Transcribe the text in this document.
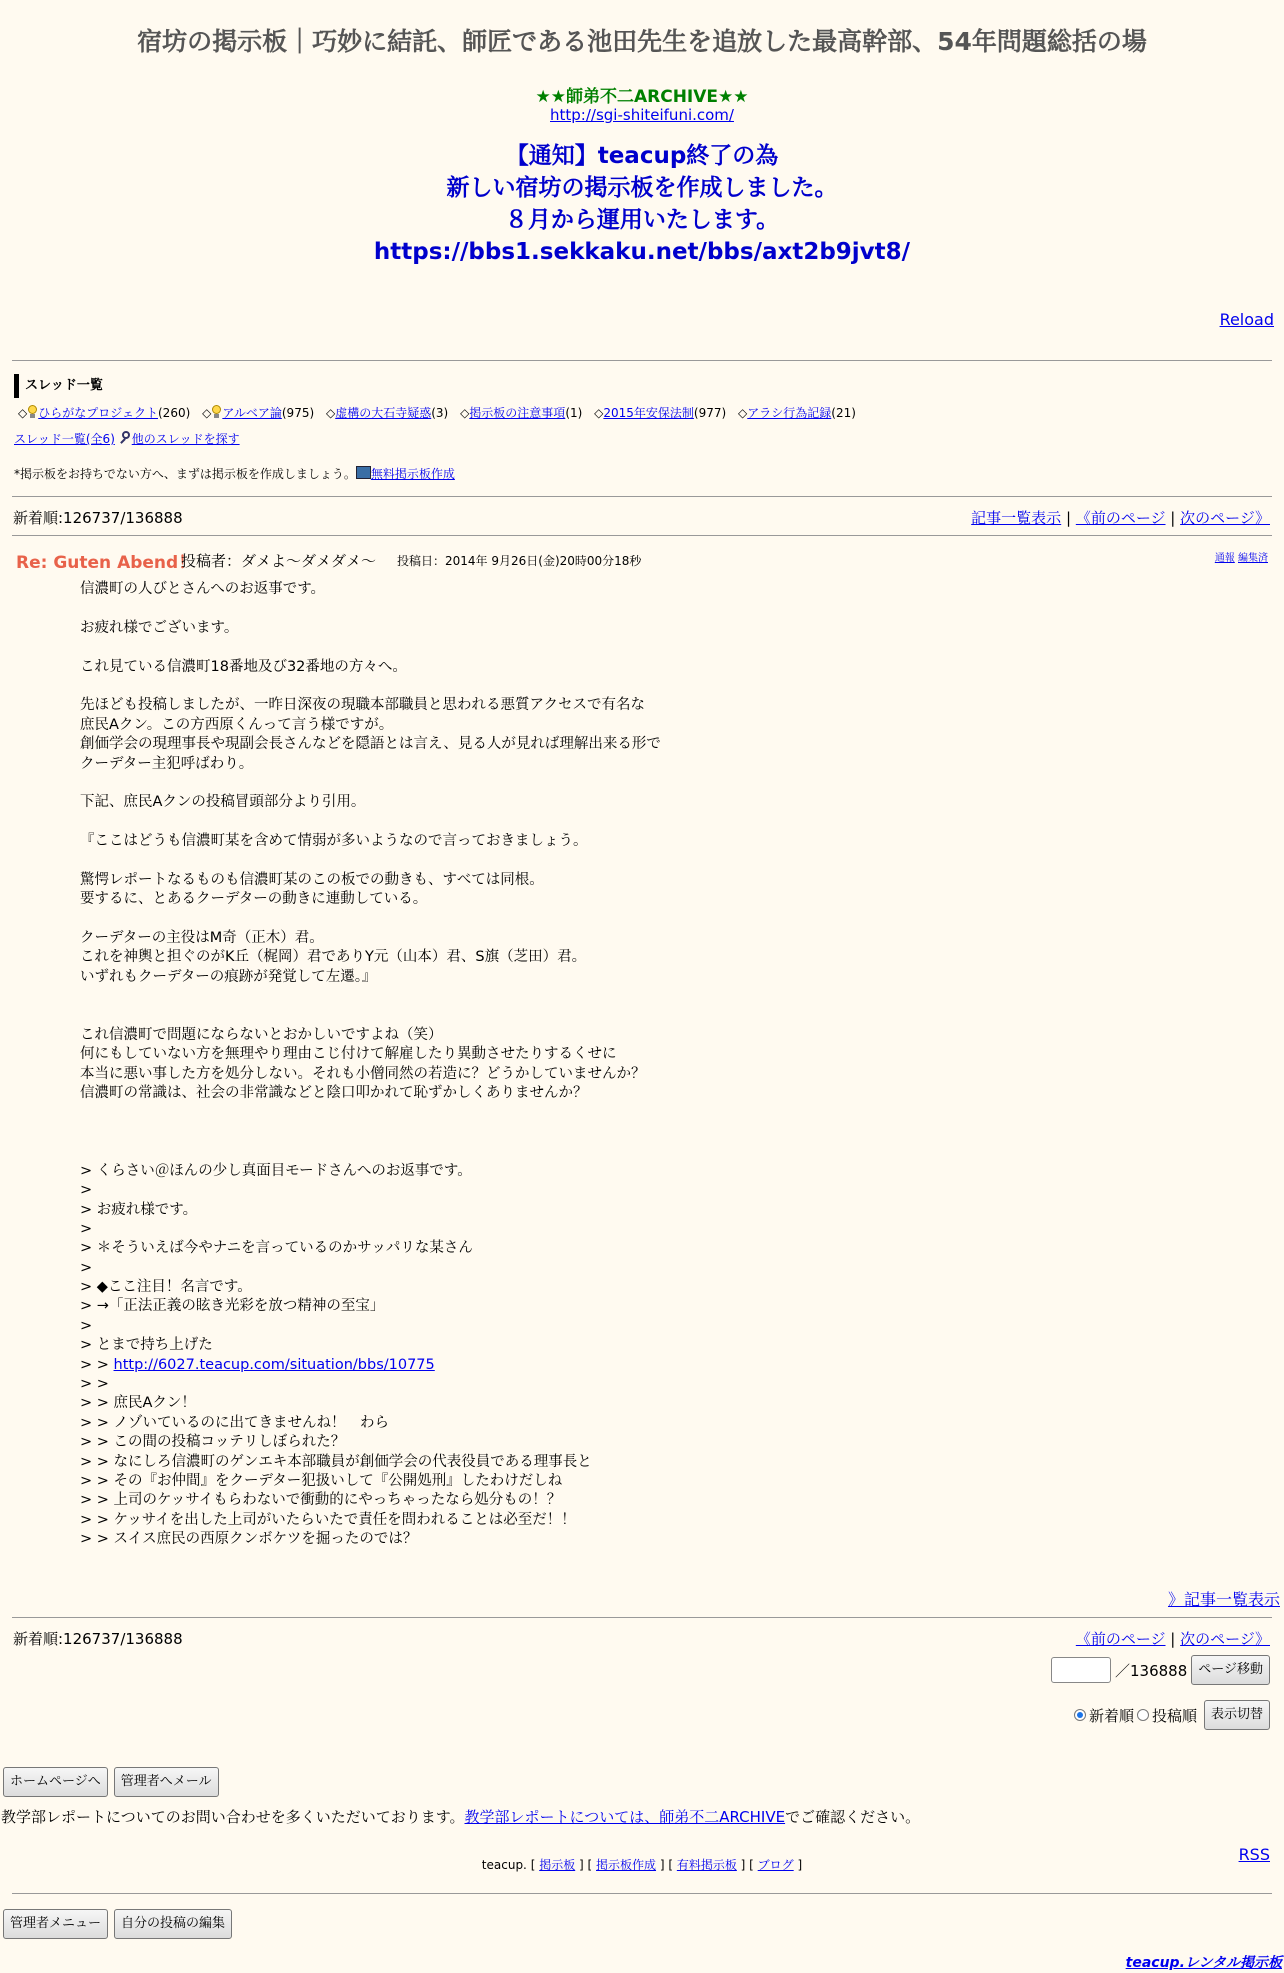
宿坊の掲示板｜巧妙に結託、師匠である池田先生を追放した最高幹部、54年問題総括の場
★★師弟不二ARCHIVE★★
http://sgi-shiteifuni.com/
【通知】teacup終了の為
新しい宿坊の掲示板を作成しました。
８月から運用いたします。
https://bbs1.sekkaku.net/bbs/axt2b9jvt8/
Reload
スレッド一覧
◇ ひらがなプロジェクト(260) ◇ アルベア論(975) ◇虚構の大石寺疑惑(3) ◇掲示板の注意事項(1) ◇2015年安保法制(977) ◇アラシ行為記録(21)
スレッド一覧(全6) 他のスレッドを探す
*掲示板をお持ちでない方へ、まずは掲示板を作成しましょう。 無料掲示板作成
新着順:126737/136888	記事一覧表示 | 《前のページ | 次のページ》
Re: Guten Abend！
投稿者：ダメよ～ダメダメ～ 投稿日：2014年 9月26日(金)20時00分18秒	通報 編集済
信濃町の人びとさんへのお返事です。
お疲れ様でございます。
これ見ている信濃町18番地及び32番地の方々へ。
先ほども投稿しましたが、一昨日深夜の現職本部職員と思われる悪質アクセスで有名な
庶民Aクン。この方西原くんって言う様ですが。
創価学会の現理事長や現副会長さんなどを隠語とは言え、見る人が見れば理解出来る形で
クーデター主犯呼ばわり。
下記、庶民Aクンの投稿冒頭部分より引用。
『ここはどうも信濃町某を含めて情弱が多いようなので言っておきましょう。
驚愕レポートなるものも信濃町某のこの板での動きも、すべては同根。
要するに、とあるクーデターの動きに連動している。
クーデターの主役はM奇（正木）君。
これを神輿と担ぐのがK丘（梶岡）君でありY元（山本）君、S旗（芝田）君。
いずれもクーデターの痕跡が発覚して左遷。』
これ信濃町で問題にならないとおかしいですよね（笑）
何にもしていない方を無理やり理由こじ付けて解雇したり異動させたりするくせに
本当に悪い事した方を処分しない。それも小僧同然の若造に？どうかしていませんか？
信濃町の常識は、社会の非常識などと陰口叩かれて恥ずかしくありませんか？
> くらさい＠ほんの少し真面目モードさんへのお返事です。
>
> お疲れ様です。
>
> ＊そういえば今やナニを言っているのかサッパリな某さん
>
> ◆ここ注目！名言です。
> →「正法正義の眩き光彩を放つ精神の至宝」
>
> とまで持ち上げた
> > http://6027.teacup.com/situation/bbs/10775
> >
> > 庶民Aクン！
> > ノゾいているのに出てきませんね！　わら
> > この間の投稿コッテリしぼられた？
> > なにしろ信濃町のゲンエキ本部職員が創価学会の代表役員である理事長と
> > その『お仲間』をクーデター犯扱いして『公開処刑』したわけだしね
> > 上司のケッサイもらわないで衝動的にやっちゃったなら処分もの！？
> > ケッサイを出した上司がいたらいたで責任を問われることは必至だ！！
> > スイス庶民の西原クンボケツを掘ったのでは？
》記事一覧表示
新着順:126737/136888	《前のページ | 次のページ》
／136888 ページ移動
新着順 投稿順	表示切替
ホームページへ	管理者へメール
教学部レポートについてのお問い合わせを多くいただいております。教学部レポートについては、師弟不二ARCHIVEでご確認ください。
RSS
teacup. [ 掲示板 ] [ 掲示板作成 ] [ 有料掲示板 ] [ ブログ ]
管理者メニュー	自分の投稿の編集
teacup.レンタル掲示板
